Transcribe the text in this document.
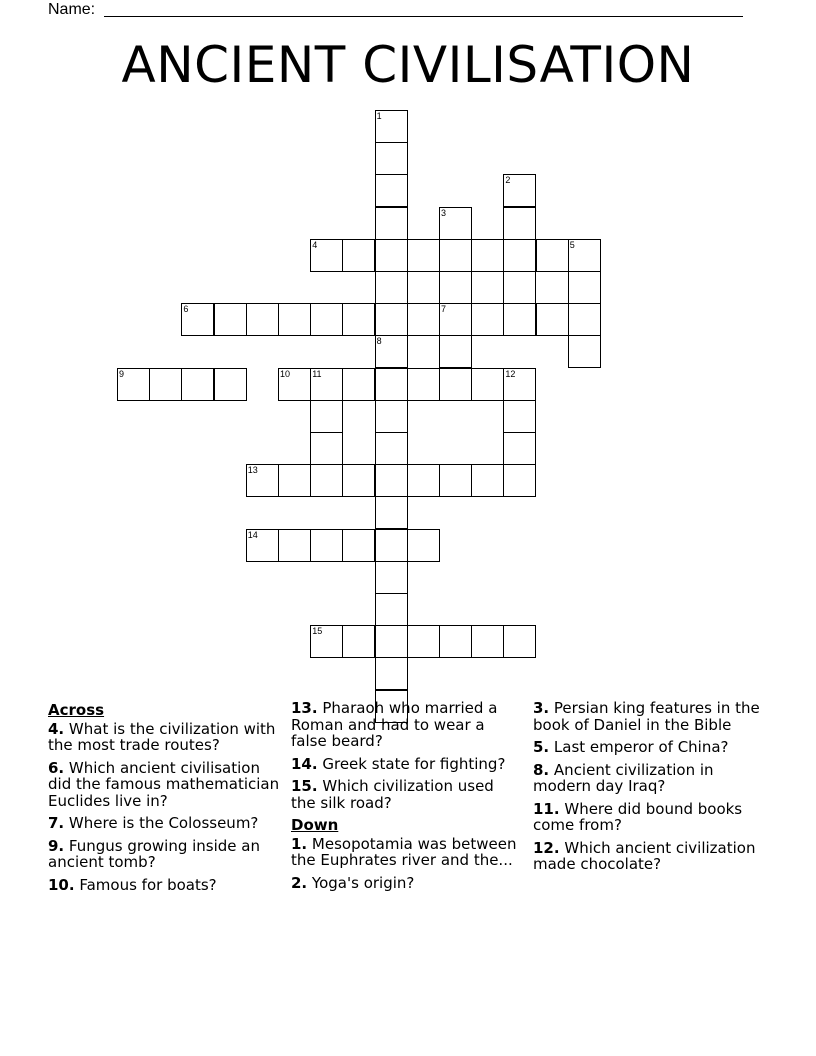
Name:
ANCIENT CIVILISATION
1
2
3
7
4	5
6
8
9	10 11	12
13
14
15
Across
4. What is the civilization with the most trade routes?
6. Which ancient civilisation did the famous mathematician Euclides live in?
7. Where is the Colosseum?
9. Fungus growing inside an ancient tomb?
10. Famous for boats?
13. Pharaoh who married a Roman and had to wear a false beard?
14. Greek state for fighting?
15. Which civilization used the silk road?
Down
1. Mesopotamia was between the Euphrates river and the...
2. Yoga's origin?
3. Persian king features in the book of Daniel in the Bible
5. Last emperor of China?
8. Ancient civilization in modern day Iraq?
11. Where did bound books come from?
12. Which ancient civilization made chocolate?
